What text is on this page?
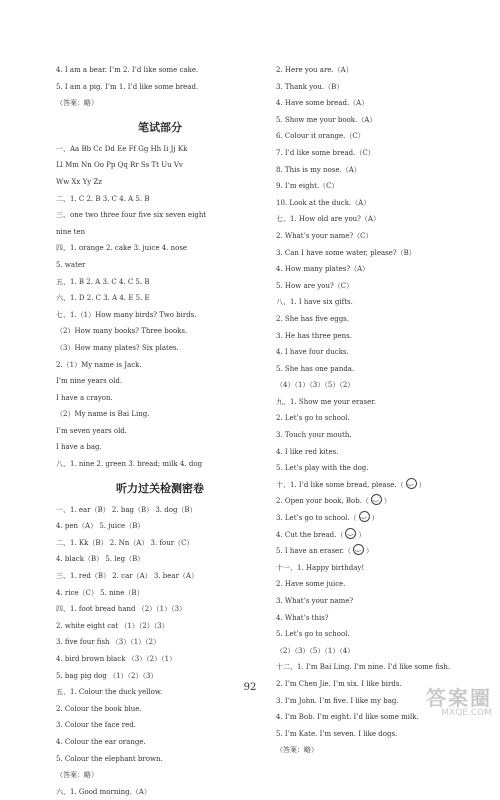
4. I am a bear. I’m 2. I’d like some cake.
5. I am a pig. I’m 1. I’d like some bread.
（答案：略）
笔试部分
一、Aa Bb Cc Dd Ee Ff Gg Hh Ii Jj Kk
Ll Mm Nn Oo Pp Qq Rr Ss Tt Uu Vv
Ww Xx Yy Zz
二、1. C 2. B 3. C 4. A 5. B
三、one two three four five six seven eight
nine ten
四、1. orange 2. cake 3. juice 4. nose
5. water
五、1. B 2. A 3. C 4. C 5. B
六、1. D 2. C 3. A 4. E 5. E
七、1.（1）How many birds? Two birds.
（2）How many books? Three books.
（3）How many plates? Six plates.
2.（1）My name is Jack.
I’m nine years old.
I have a crayon.
（2）My name is Bai Ling.
I’m seven years old.
I have a bag.
八、1. nine 2. green 3. bread; milk 4. dog
听力过关检测密卷
一、1. ear（B） 2. bag（B） 3. dog（B）
4. pen（A） 5. juice（B）
二、1. Kk（B） 2. Nn（A） 3. four（C）
4. black（B） 5. leg（B）
三、1. red（B） 2. car（A） 3. bear（A）
4. rice（C） 5. nine（B）
四、1. foot bread hand （2）（1）（3）
2. white eight cat （1）（2）（3）
3. five four fish （3）（1）（2）
4. bird brown black （3）（2）（1）
5. bag pig dog （1）（2）（3）
五、1. Colour the duck yellow.
2. Colour the book blue.
3. Colour the face red.
4. Colour the ear orange.
5. Colour the elephant brown.
（答案：略）
六、1. Good morning.（A）
2. Here you are.（A）
3. Thank you.（B）
4. Have some bread.（A）
5. Show me your book.（A）
6. Colour it orange.（C）
7. I’d like some bread.（C）
8. This is my nose.（A）
9. I’m eight.（C）
10. Look at the duck.（A）
七、1. How old are you?（A）
2. What’s your name?（C）
3. Can I have some water, please?（B）
4. How many plates?（A）
5. How are you?（C）
八、1. I have six gifts.
2. She has five eggs.
3. He has three pens.
4. I have four ducks.
5. She has one panda.
（4）（1）（3）（5）（2）
九、1. Show me your eraser.
2. Let’s go to school.
3. Touch your mouth.
4. I like red kites.
5. Let’s play with the dog.
十、1. I’d like some bread, please.（ ‿ ）
2. Open your book, Bob.（ ‿ ）
3. Let’s go to school.（ ‿ ）
4. Cut the bread.（ ‿ ）
5. I have an eraser.（ ‿ ）
十一、1. Happy birthday!
2. Have some juice.
3. What’s your name?
4. What’s this?
5. Let’s go to school.
（2）（3）（5）（1）（4）
十二、1. I’m Bai Ling. I’m nine. I’d like some fish.
2. I’m Chen Jie. I’m six. I like birds.
3. I’m John. I’m five. I like my bag.
4. I’m Bob. I’m eight. I’d like some milk.
5. I’m Kate. I’m seven. I like dogs.
（答案：略）
92	答案圈
MXQE.COM
